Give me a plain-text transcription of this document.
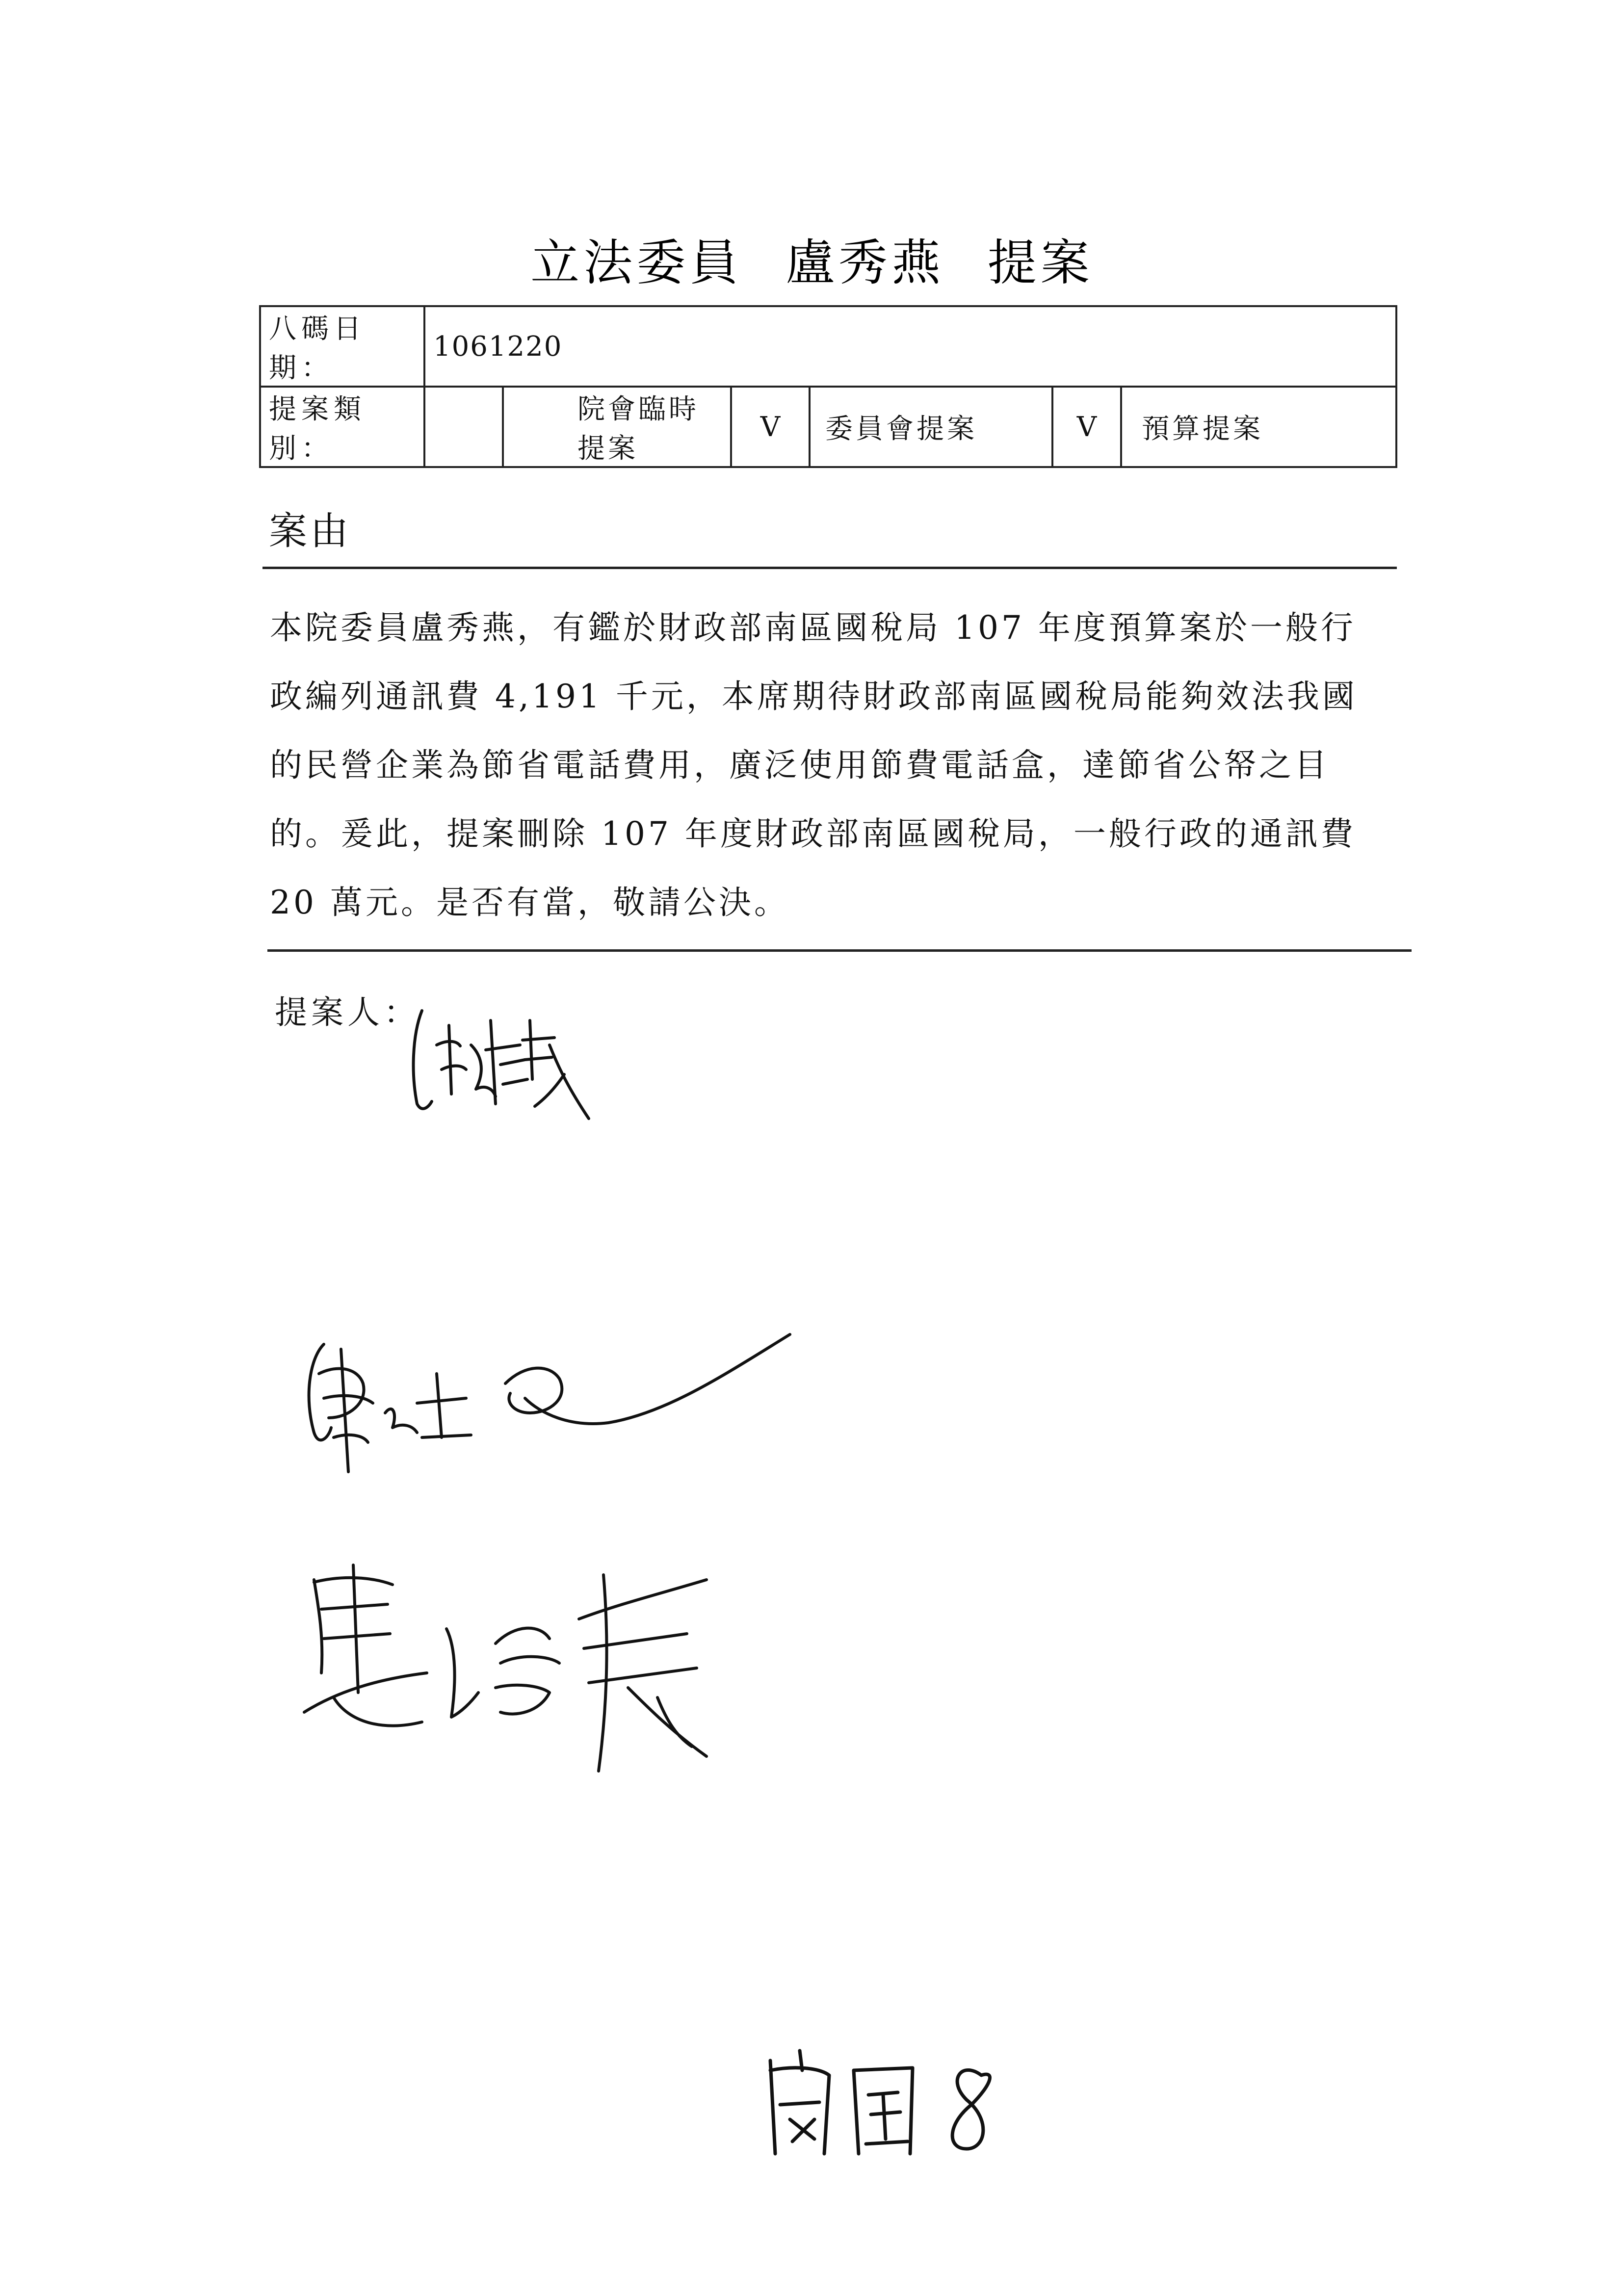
立法委員 盧秀燕 提案
八碼日期：	1061220					
提案類別：		院會臨時提案	V	委員會提案	V	預算提案
案由
本院委員盧秀燕，有鑑於財政部南區國稅局 107 年度預算案於一般行
政編列通訊費 4,191 千元，本席期待財政部南區國稅局能夠效法我國
的民營企業為節省電話費用，廣泛使用節費電話盒，達節省公帑之目
的。爰此，提案刪除 107 年度財政部南區國稅局，一般行政的通訊費
20 萬元。是否有當，敬請公決。
提案人：
